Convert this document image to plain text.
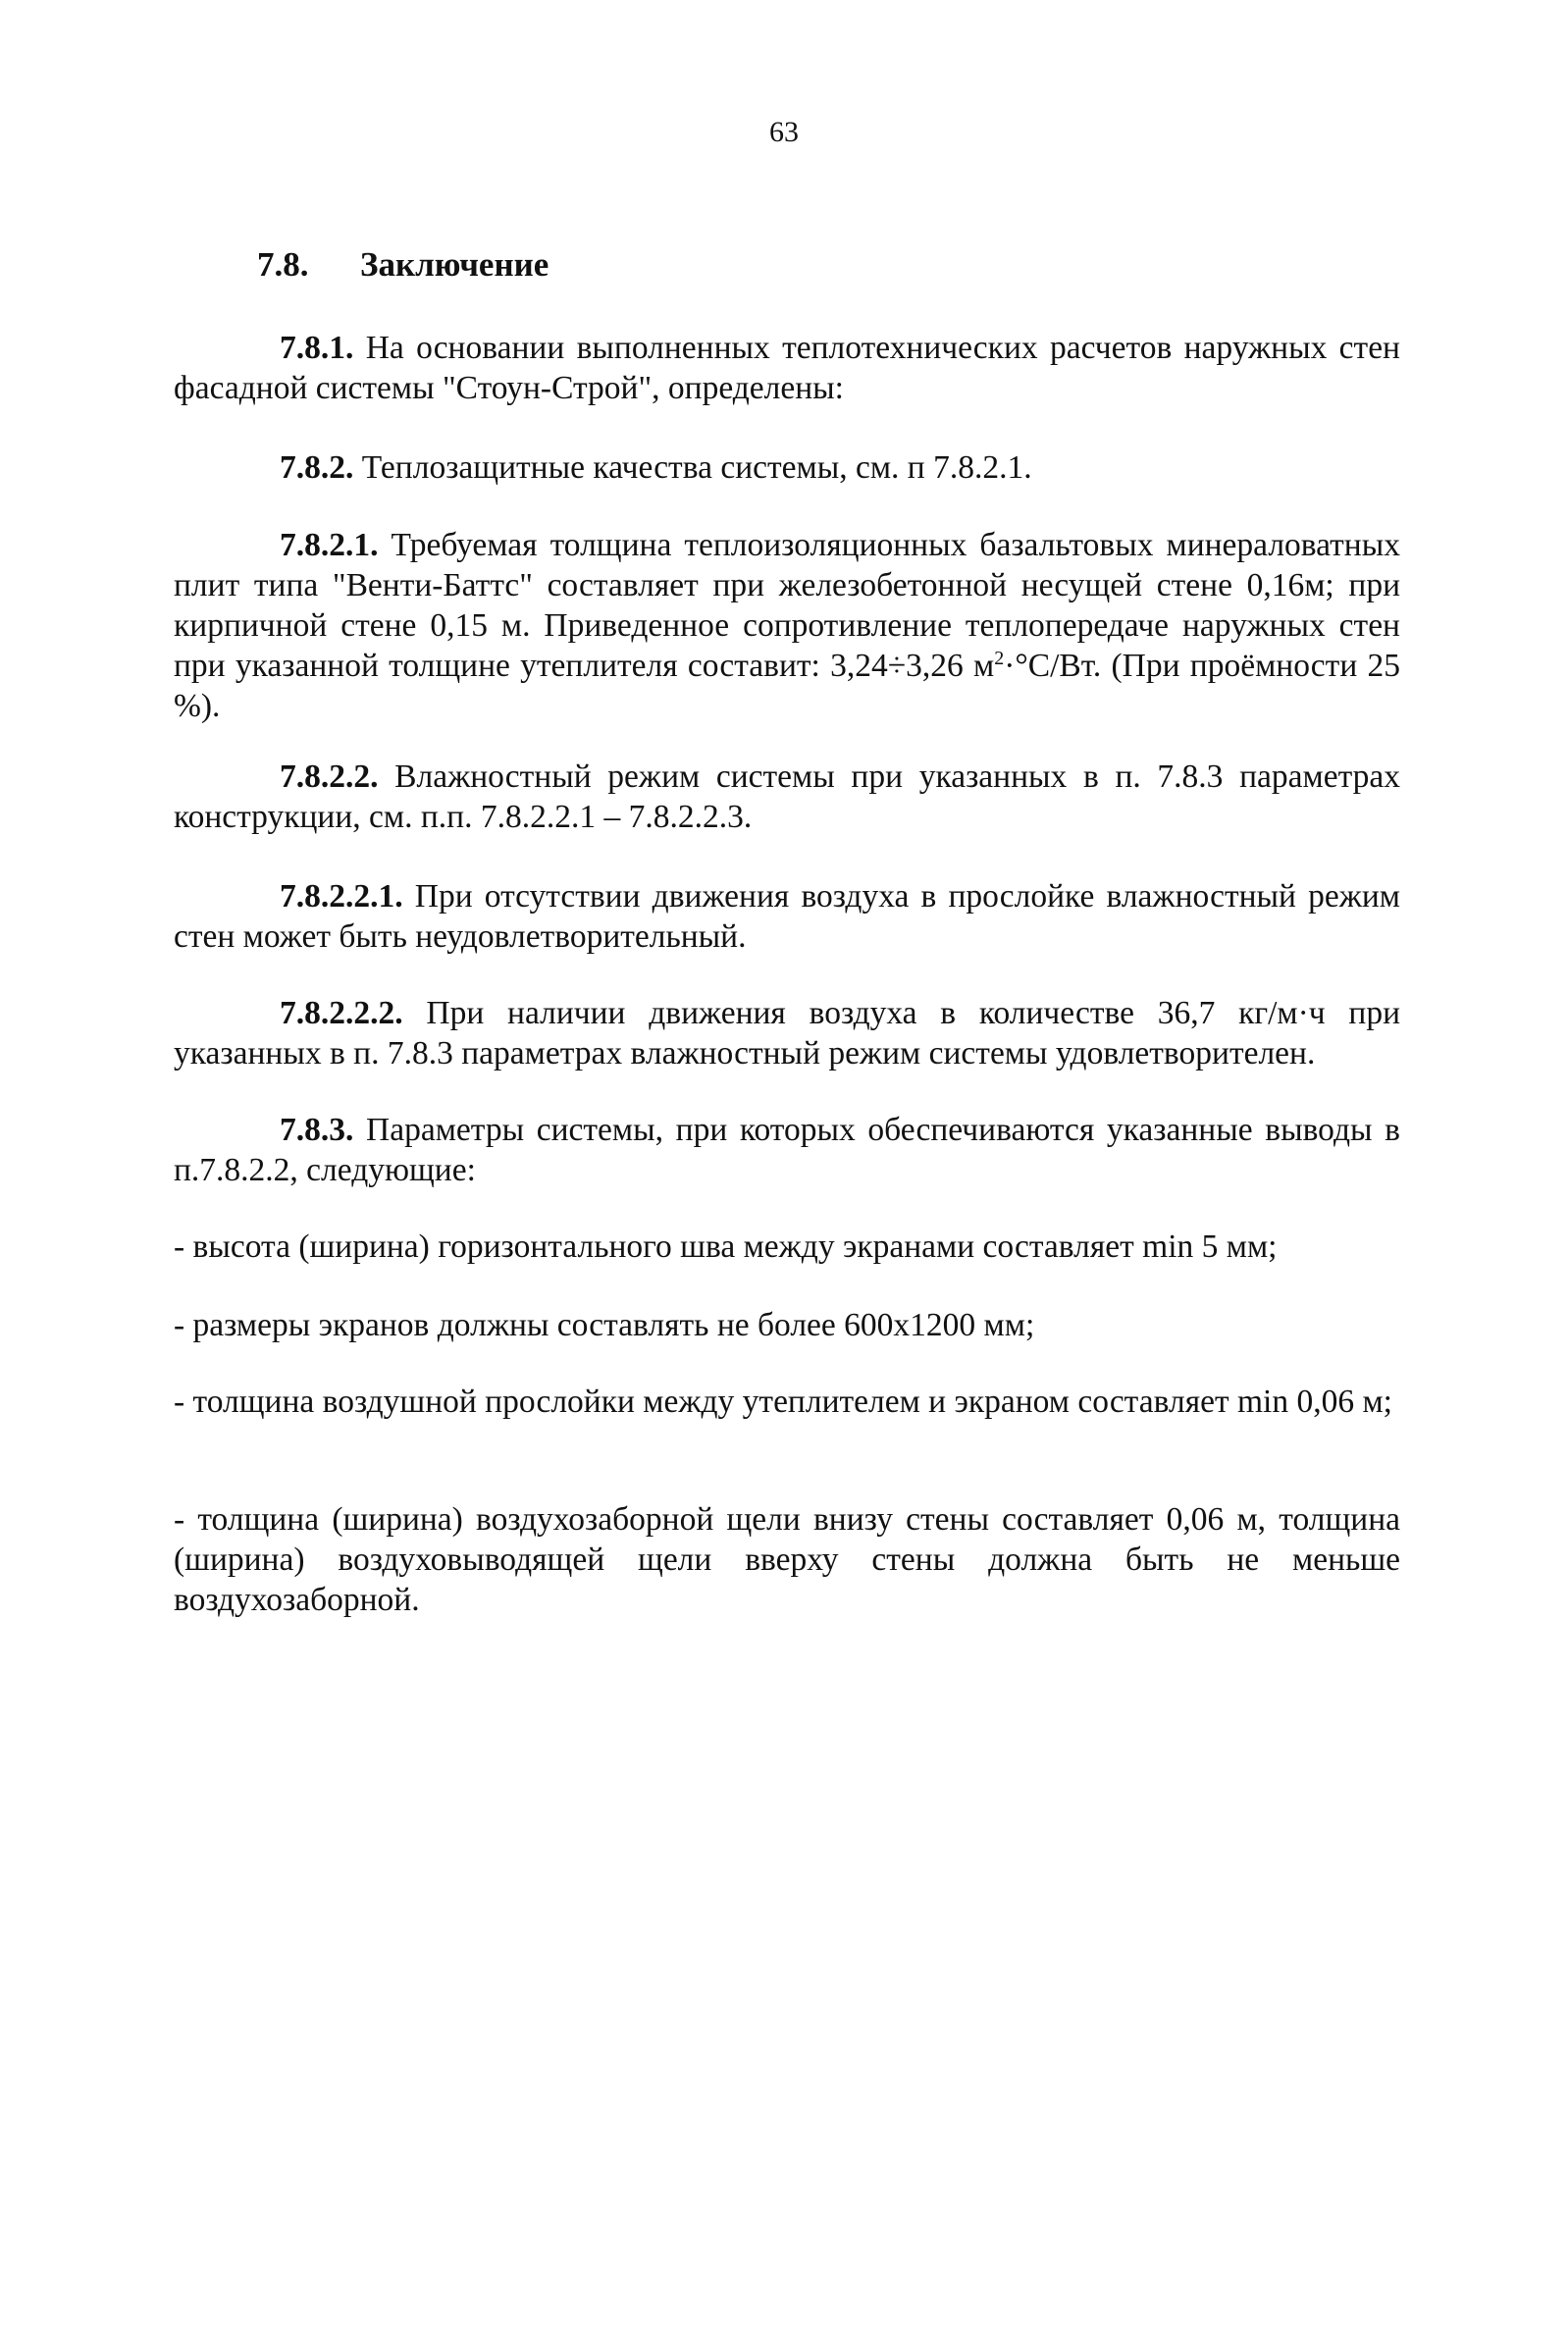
63
7.8. Заключение
7.8.1. На основании выполненных теплотехнических расчетов наружных стен фасадной системы "Стоун-Строй", определены:
7.8.2. Теплозащитные качества системы, см. п 7.8.2.1.
7.8.2.1. Требуемая толщина теплоизоляционных базальтовых минераловатных плит типа "Венти-Баттс" составляет при железобетонной несущей стене 0,16м; при кирпичной стене 0,15 м. Приведенное сопротивление теплопередаче наружных стен при указанной толщине утеплителя составит: 3,24÷3,26 $м^2\cdot^\circ С/Вт$. (При проёмности 25 %).
7.8.2.2. Влажностный режим системы при указанных в п. 7.8.3 параметрах конструкции, см. п.п. 7.8.2.2.1 – 7.8.2.2.3.
7.8.2.2.1. При отсутствии движения воздуха в прослойке влажностный режим стен может быть неудовлетворительный.
7.8.2.2.2. При наличии движения воздуха в количестве 36,7 кг/м·ч при указанных в п. 7.8.3 параметрах влажностный режим системы удовлетворителен.
7.8.3. Параметры системы, при которых обеспечиваются указанные выводы в п.7.8.2.2, следующие:
- высота (ширина) горизонтального шва между экранами составляет min 5 мм;
- размеры экранов должны составлять не более 600х1200 мм;
- толщина воздушной прослойки между утеплителем и экраном составляет min 0,06 м;
- толщина (ширина) воздухозаборной щели внизу стены составляет 0,06 м, толщина (ширина) воздуховыводящей щели вверху стены должна быть не меньше воздухозаборной.
